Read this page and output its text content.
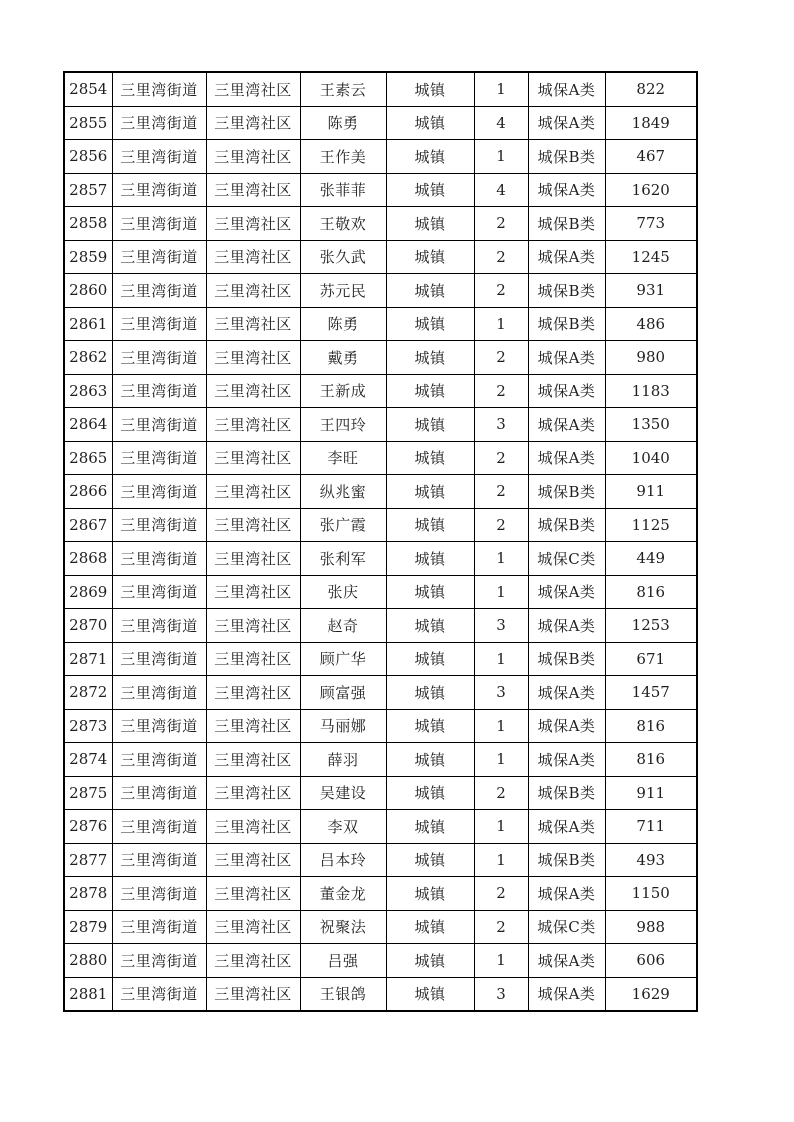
2854	三里湾街道	三里湾社区	王素云	城镇	1	城保A类	822
2855	三里湾街道	三里湾社区	陈勇	城镇	4	城保A类	1849
2856	三里湾街道	三里湾社区	王作美	城镇	1	城保B类	467
2857	三里湾街道	三里湾社区	张菲菲	城镇	4	城保A类	1620
2858	三里湾街道	三里湾社区	王敬欢	城镇	2	城保B类	773
2859	三里湾街道	三里湾社区	张久武	城镇	2	城保A类	1245
2860	三里湾街道	三里湾社区	苏元民	城镇	2	城保B类	931
2861	三里湾街道	三里湾社区	陈勇	城镇	1	城保B类	486
2862	三里湾街道	三里湾社区	戴勇	城镇	2	城保A类	980
2863	三里湾街道	三里湾社区	王新成	城镇	2	城保A类	1183
2864	三里湾街道	三里湾社区	王四玲	城镇	3	城保A类	1350
2865	三里湾街道	三里湾社区	李旺	城镇	2	城保A类	1040
2866	三里湾街道	三里湾社区	纵兆蜜	城镇	2	城保B类	911
2867	三里湾街道	三里湾社区	张广霞	城镇	2	城保B类	1125
2868	三里湾街道	三里湾社区	张利军	城镇	1	城保C类	449
2869	三里湾街道	三里湾社区	张庆	城镇	1	城保A类	816
2870	三里湾街道	三里湾社区	赵奇	城镇	3	城保A类	1253
2871	三里湾街道	三里湾社区	顾广华	城镇	1	城保B类	671
2872	三里湾街道	三里湾社区	顾富强	城镇	3	城保A类	1457
2873	三里湾街道	三里湾社区	马丽娜	城镇	1	城保A类	816
2874	三里湾街道	三里湾社区	薛羽	城镇	1	城保A类	816
2875	三里湾街道	三里湾社区	吴建设	城镇	2	城保B类	911
2876	三里湾街道	三里湾社区	李双	城镇	1	城保A类	711
2877	三里湾街道	三里湾社区	吕本玲	城镇	1	城保B类	493
2878	三里湾街道	三里湾社区	董金龙	城镇	2	城保A类	1150
2879	三里湾街道	三里湾社区	祝聚法	城镇	2	城保C类	988
2880	三里湾街道	三里湾社区	吕强	城镇	1	城保A类	606
2881	三里湾街道	三里湾社区	王银鸽	城镇	3	城保A类	1629
